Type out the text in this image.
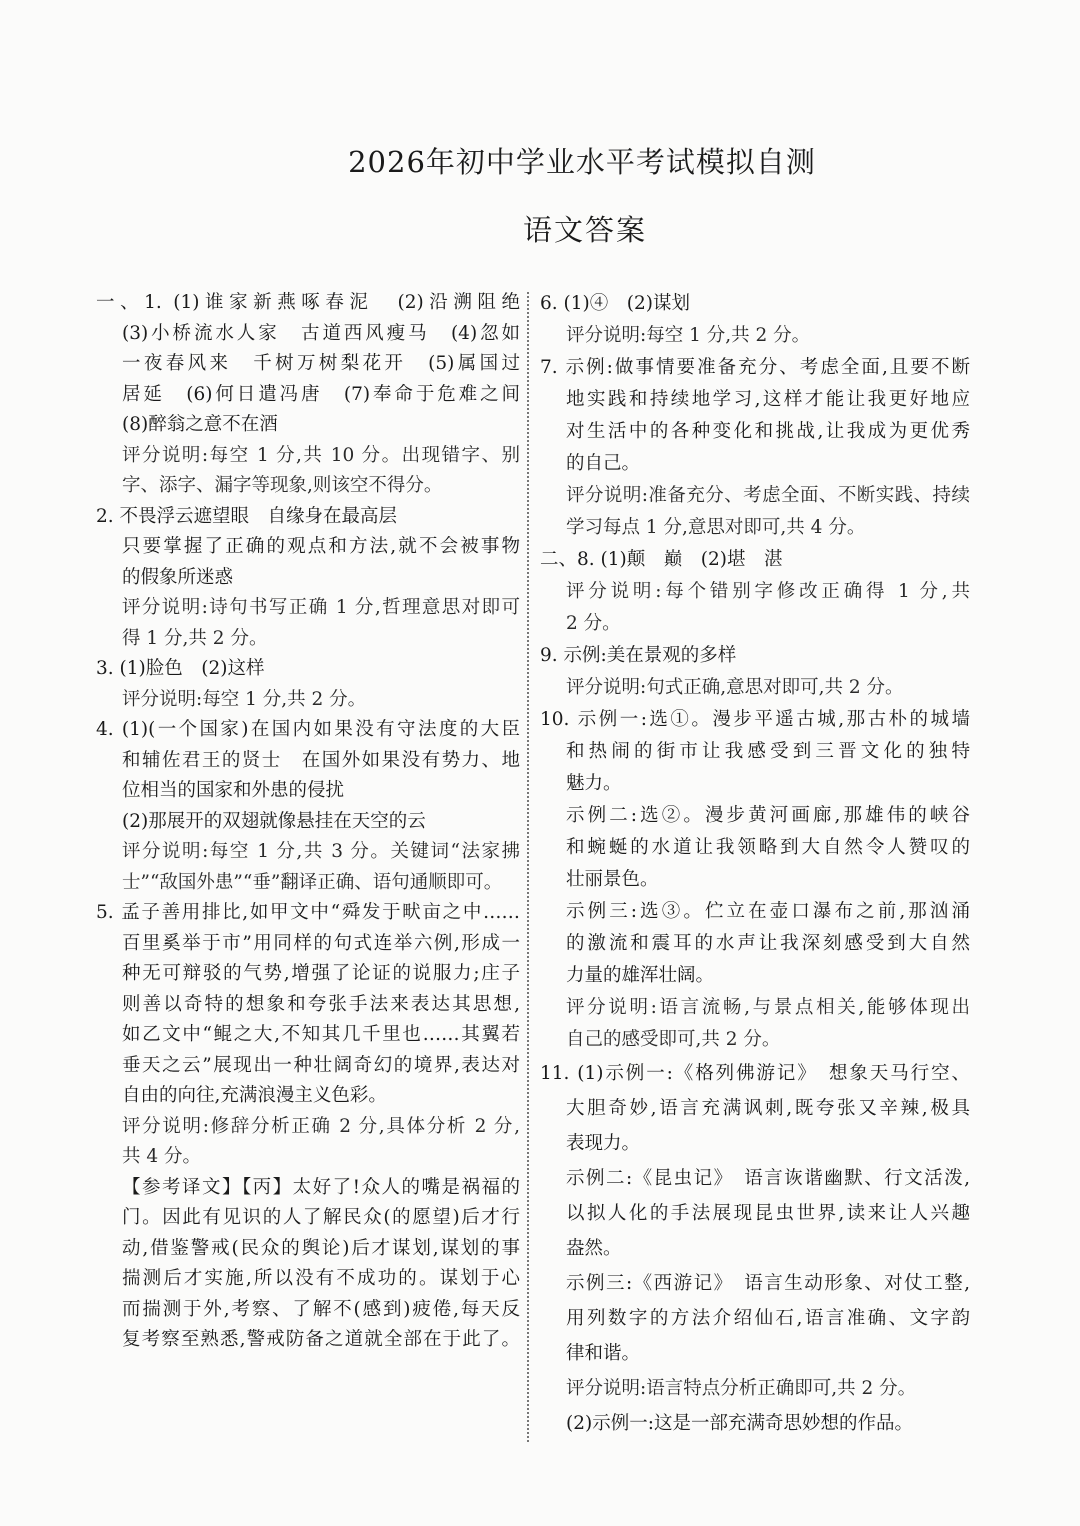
2026年初中学业水平考试模拟自测
语文答案
一、1. (1)谁家新燕啄春泥　(2)沿溯阻绝
(3)小桥流水人家　古道西风瘦马　(4)忽如
一夜春风来　千树万树梨花开　(5)属国过
居延　(6)何日遣冯唐　(7)奉命于危难之间
(8)醉翁之意不在酒
评分说明:每空 1 分,共 10 分。出现错字、别
字、添字、漏字等现象,则该空不得分。
2. 不畏浮云遮望眼　自缘身在最高层
只要掌握了正确的观点和方法,就不会被事物
的假象所迷惑
评分说明:诗句书写正确 1 分,哲理意思对即可
得 1 分,共 2 分。
3. (1)脸色　(2)这样
评分说明:每空 1 分,共 2 分。
4. (1)(一个国家)在国内如果没有守法度的大臣
和辅佐君王的贤士　在国外如果没有势力、地
位相当的国家和外患的侵扰
(2)那展开的双翅就像悬挂在天空的云
评分说明:每空 1 分,共 3 分。关键词“法家拂
士”“敌国外患”“垂”翻译正确、语句通顺即可。
5. 孟子善用排比,如甲文中“舜发于畎亩之中……
百里奚举于市”用同样的句式连举六例,形成一
种无可辩驳的气势,增强了论证的说服力;庄子
则善以奇特的想象和夸张手法来表达其思想,
如乙文中“鲲之大,不知其几千里也……其翼若
垂天之云”展现出一种壮阔奇幻的境界,表达对
自由的向往,充满浪漫主义色彩。
评分说明:修辞分析正确 2 分,具体分析 2 分,
共 4 分。
【参考译文】【丙】太好了!众人的嘴是祸福的
门。因此有见识的人了解民众(的愿望)后才行
动,借鉴警戒(民众的舆论)后才谋划,谋划的事
揣测后才实施,所以没有不成功的。谋划于心
而揣测于外,考察、了解不(感到)疲倦,每天反
复考察至熟悉,警戒防备之道就全部在于此了。
6. (1)④　(2)谋划
评分说明:每空 1 分,共 2 分。
7. 示例:做事情要准备充分、考虑全面,且要不断
地实践和持续地学习,这样才能让我更好地应
对生活中的各种变化和挑战,让我成为更优秀
的自己。
评分说明:准备充分、考虑全面、不断实践、持续
学习每点 1 分,意思对即可,共 4 分。
二、8. (1)颠　巅　(2)堪　湛
评分说明:每个错别字修改正确得 1 分,共
2 分。
9. 示例:美在景观的多样
评分说明:句式正确,意思对即可,共 2 分。
10. 示例一:选①。漫步平遥古城,那古朴的城墙
和热闹的街市让我感受到三晋文化的独特
魅力。
示例二:选②。漫步黄河画廊,那雄伟的峡谷
和蜿蜒的水道让我领略到大自然令人赞叹的
壮丽景色。
示例三:选③。伫立在壶口瀑布之前,那汹涌
的激流和震耳的水声让我深刻感受到大自然
力量的雄浑壮阔。
评分说明:语言流畅,与景点相关,能够体现出
自己的感受即可,共 2 分。
11. (1)示例一:《格列佛游记》　想象天马行空、
大胆奇妙,语言充满讽刺,既夸张又辛辣,极具
表现力。
示例二:《昆虫记》　语言诙谐幽默、行文活泼,
以拟人化的手法展现昆虫世界,读来让人兴趣
盎然。
示例三:《西游记》　语言生动形象、对仗工整,
用列数字的方法介绍仙石,语言准确、文字韵
律和谐。
评分说明:语言特点分析正确即可,共 2 分。
(2)示例一:这是一部充满奇思妙想的作品。
